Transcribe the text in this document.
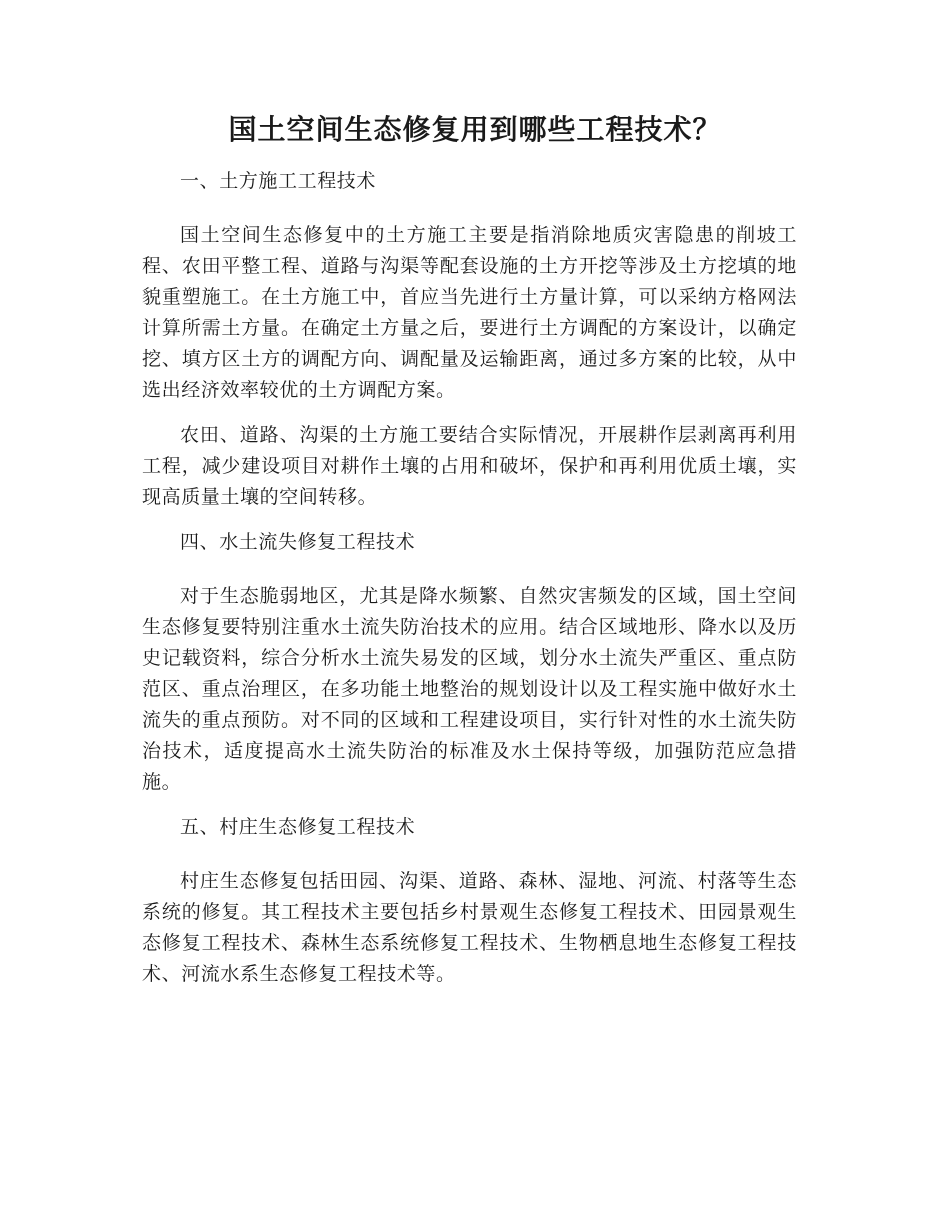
国土空间生态修复用到哪些工程技术？

一、土方施工工程技术

国土空间生态修复中的土方施工主要是指消除地质灾害隐患的削坡工程、农田平整工程、道路与沟渠等配套设施的土方开挖等涉及土方挖填的地貌重塑施工。在土方施工中，首应当先进行土方量计算，可以采纳方格网法计算所需土方量。在确定土方量之后，要进行土方调配的方案设计，以确定挖、填方区土方的调配方向、调配量及运输距离，通过多方案的比较，从中选出经济效率较优的土方调配方案。

农田、道路、沟渠的土方施工要结合实际情况，开展耕作层剥离再利用工程，减少建设项目对耕作土壤的占用和破坏，保护和再利用优质土壤，实现高质量土壤的空间转移。

四、水土流失修复工程技术

对于生态脆弱地区，尤其是降水频繁、自然灾害频发的区域，国土空间生态修复要特别注重水土流失防治技术的应用。结合区域地形、降水以及历史记载资料，综合分析水土流失易发的区域，划分水土流失严重区、重点防范区、重点治理区，在多功能土地整治的规划设计以及工程实施中做好水土流失的重点预防。对不同的区域和工程建设项目，实行针对性的水土流失防治技术，适度提高水土流失防治的标准及水土保持等级，加强防范应急措施。

五、村庄生态修复工程技术

村庄生态修复包括田园、沟渠、道路、森林、湿地、河流、村落等生态系统的修复。其工程技术主要包括乡村景观生态修复工程技术、田园景观生态修复工程技术、森林生态系统修复工程技术、生物栖息地生态修复工程技术、河流水系生态修复工程技术等。
